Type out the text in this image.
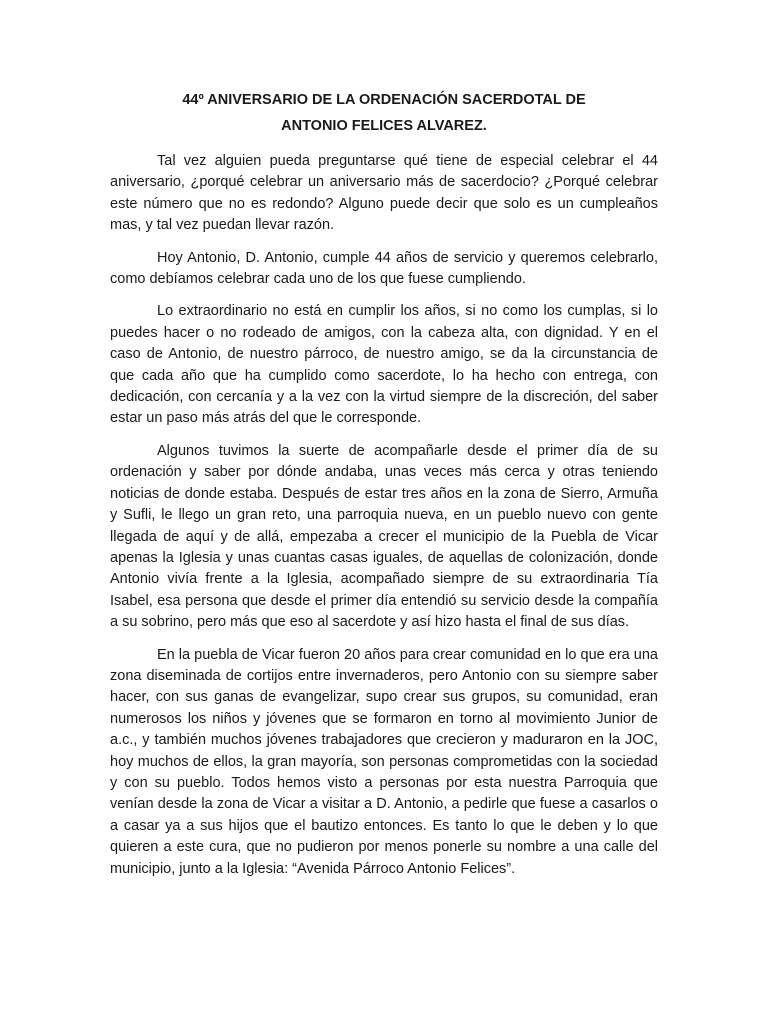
44º ANIVERSARIO DE LA ORDENACIÓN SACERDOTAL DE
ANTONIO FELICES ALVAREZ.

Tal vez alguien pueda preguntarse qué tiene de especial celebrar el 44 aniversario, ¿porqué celebrar un aniversario más de sacerdocio? ¿Porqué celebrar este número que no es redondo? Alguno puede decir que solo es un cumpleaños mas, y tal vez puedan llevar razón.

Hoy Antonio, D. Antonio, cumple 44 años de servicio y queremos celebrarlo, como debíamos celebrar cada uno de los que fuese cumpliendo.

Lo extraordinario no está en cumplir los años, si no como los cumplas, si lo puedes hacer o no rodeado de amigos, con la cabeza alta, con dignidad. Y en el caso de Antonio, de nuestro párroco, de nuestro amigo, se da la circunstancia de que cada año que ha cumplido como sacerdote, lo ha hecho con entrega, con dedicación, con cercanía y a la vez con la virtud siempre de la discreción, del saber estar un paso más atrás del que le corresponde.

Algunos tuvimos la suerte de acompañarle desde el primer día de su ordenación y saber por dónde andaba, unas veces más cerca y otras teniendo noticias de donde estaba. Después de estar tres años en la zona de Sierro, Armuña y Sufli, le llego un gran reto, una parroquia nueva, en un pueblo nuevo con gente llegada de aquí y de allá, empezaba a crecer el municipio de la Puebla de Vicar apenas la Iglesia y unas cuantas casas iguales, de aquellas de colonización, donde Antonio vivía frente a la Iglesia, acompañado siempre de su extraordinaria Tía Isabel, esa persona que desde el primer día entendió su servicio desde la compañía a su sobrino, pero más que eso al sacerdote y así hizo hasta el final de sus días.

En la puebla de Vicar fueron 20 años para crear comunidad en lo que era una zona diseminada de cortijos entre invernaderos, pero Antonio con su siempre saber hacer, con sus ganas de evangelizar, supo crear sus grupos, su comunidad, eran numerosos los niños y jóvenes que se formaron en torno al movimiento Junior de a.c., y también muchos jóvenes trabajadores que crecieron y maduraron en la JOC, hoy muchos de ellos, la gran mayoría, son personas comprometidas con la sociedad y con su pueblo. Todos hemos visto a personas por esta nuestra Parroquia que venían desde la zona de Vicar a visitar a D. Antonio, a pedirle que fuese a casarlos o a casar ya a sus hijos que el bautizo entonces. Es tanto lo que le deben y lo que quieren a este cura, que no pudieron por menos ponerle su nombre a una calle del municipio, junto a la Iglesia: “Avenida Párroco Antonio Felices”.
